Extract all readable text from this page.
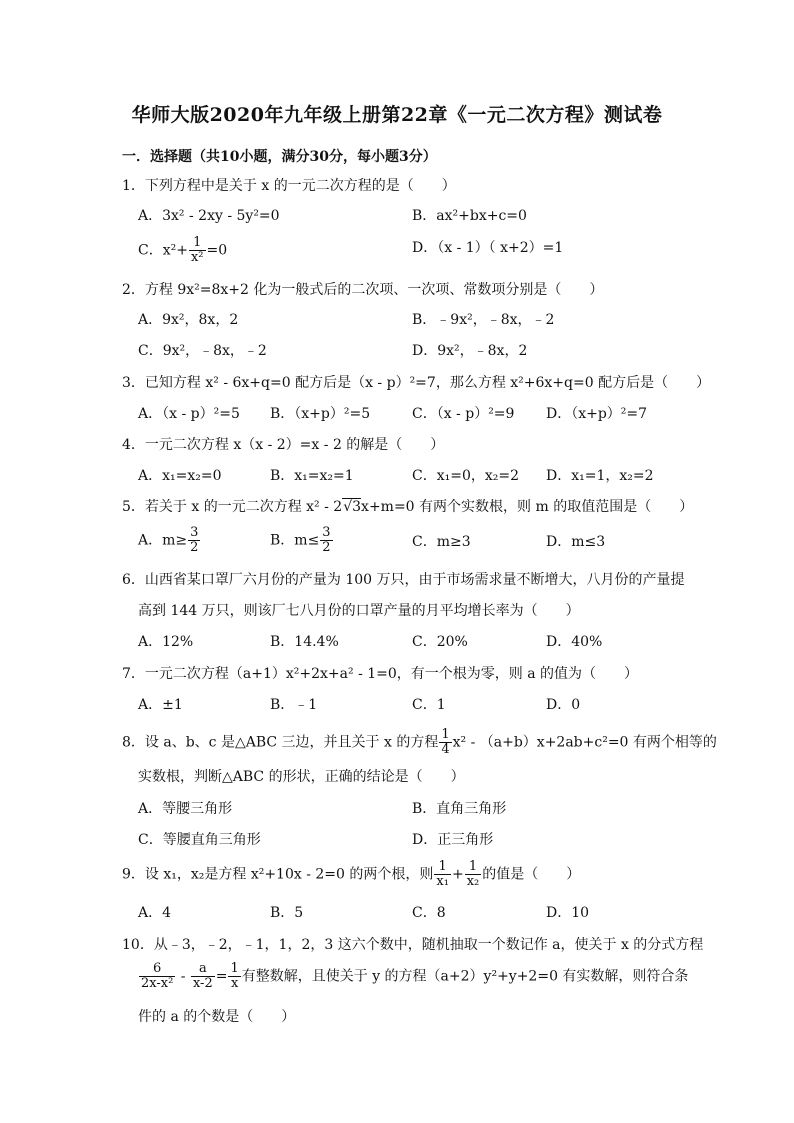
华师大版2020年九年级上册第22章《一元二次方程》测试卷
一．选择题（共10小题，满分30分，每小题3分）
1．下列方程中是关于 x 的一元二次方程的是（　　）
A．3x² - 2xy - 5y²=0	B．ax²+bx+c=0
C．$x^2+ \frac{1}{\text{x²}} =0$	D．（x - 1）（ x+2）=1
2．方程 9x²=8x+2 化为一般式后的二次项、一次项、常数项分别是（　　）
A．9x²，8x，2	B．﹣9x²，﹣8x，﹣2
C．9x²，﹣8x，﹣2	D．9x²，﹣8x，2
3．已知方程 x² - 6x+q=0 配方后是（x - p）²=7，那么方程 x²+6x+q=0 配方后是（　　）
A．（x - p）²=5 B．（x+p）²=5	C．（x - p）²=9 D．（x+p）²=7
4．一元二次方程 x（x - 2）=x - 2 的解是（　　）
A．x₁=x₂=0	B．x₁=x₂=1	C．x₁=0，x₂=2 D．x₁=1，x₂=2
5．若关于 x 的一元二次方程 x² - 2√3x+m=0 有两个实数根，则 m 的取值范围是（　　）
A．$m\ge \frac{3}{2}$	B．$m\le \frac{3}{2}$	C．m≥3	D．m≤3
6．山西省某口罩厂六月份的产量为 100 万只，由于市场需求量不断增大，八月份的产量提
高到 144 万只，则该厂七八月份的口罩产量的月平均增长率为（　　）
A．12%	B．14.4%	C．20%	D．40%
7．一元二次方程（a+1）x²+2x+a² - 1=0，有一个根为零，则 a 的值为（　　）
A．±1	B．﹣1	C．1	D．0
8．设 a、b、c 是△ABC 三边，并且关于 x 的方程 $\frac{1}{4} x^2 - (a+b)x+2ab+c^2=0$ 有两个相等的
实数根，判断△ABC 的形状，正确的结论是（　　）
A．等腰三角形	B．直角三角形
C．等腰直角三角形	D．正三角形
9．设 x₁，x₂是方程 x²+10x - 2=0 的两个根，则 $\frac{1}{\text{x₁}} + \frac{1}{\text{x₂}}$ 的值是（　　）
A．4	B．5	C．8	D．10
10．从﹣3，﹣2，﹣1，1，2，3 这六个数中，随机抽取一个数记作 a，使关于 x 的分式方程
$\frac{6}{\text{2x-x²}} - \frac{a}{x-2} = \frac{1}{x}$ 有整数解，且使关于 y 的方程（a+2）y²+y+2=0 有实数解，则符合条
件的 a 的个数是（　　）
